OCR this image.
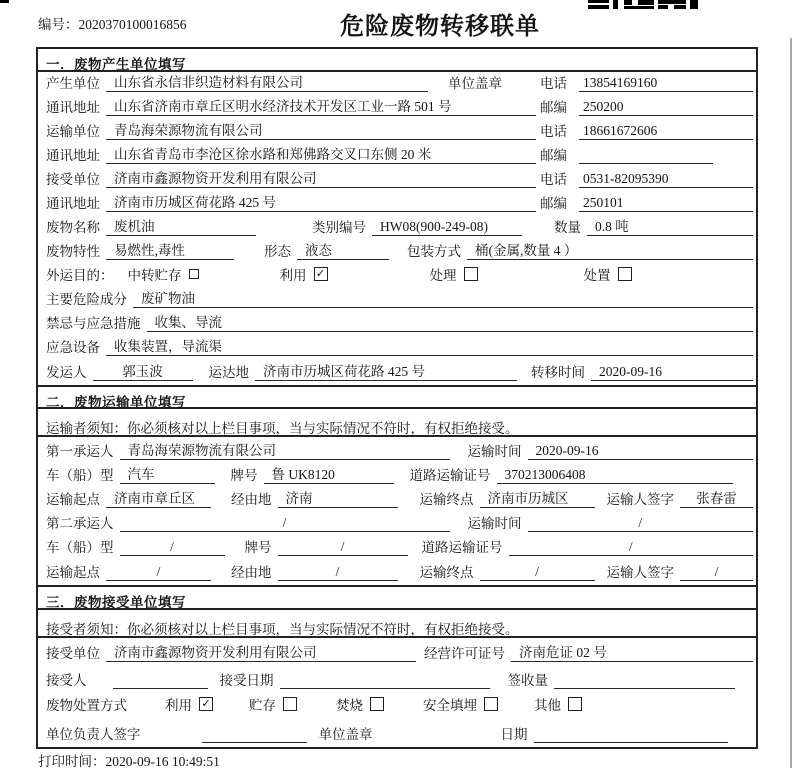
编号：2020370100016856	危险废物转移联单
一．废物产生单位填写
产生单位	山东省永信非织造材料有限公司	单位盖章	电话 13854169160
通讯地址	山东省济南市章丘区明水经济技术开发区工业一路 501 号	邮编 250200
运输单位	青岛海荣源物流有限公司	电话 18661672606
通讯地址	山东省青岛市李沧区徐水路和郑佛路交叉口东侧 20 米	邮编
接受单位	济南市鑫源物资开发利用有限公司	电话 0531-82095390
通讯地址	济南市历城区荷花路 425 号	邮编 250101
废物名称	废机油	类别编号	HW08(900-249-08)	数量	0.8 吨
废物特性	易燃性,毒性	形态	液态	包装方式	桶(金属,数量 4 ）
外运目的： 中转贮存	利用 ✓	处理	处置
主要危险成分	废矿物油
禁忌与应急措施	收集、导流
应急设备	收集装置，导流渠
发运人	郭玉波	运达地	济南市历城区荷花路 425 号	转移时间	2020-09-16
二．废物运输单位填写
运输者须知：你必须核对以上栏目事项，当与实际情况不符时，有权拒绝接受。
第一承运人	青岛海荣源物流有限公司	运输时间	2020-09-16
车（船）型	汽车	牌号	鲁 UK8120	道路运输证号	370213006408
运输起点	济南市章丘区	经由地	济南	运输终点	济南市历城区	运输人签字	张春雷
第二承运人	/	运输时间	/
车（船）型	/	牌号	/	道路运输证号	/
运输起点	/	经由地	/	运输终点	/	运输人签字	/
三．废物接受单位填写
接受者须知：你必须核对以上栏目事项，当与实际情况不符时，有权拒绝接受。
接受单位	济南市鑫源物资开发利用有限公司	经营许可证号	济南危证 02 号
接受人	接受日期	签收量
废物处置方式	利用 ✓	贮存	焚烧	安全填埋	其他
单位负责人签字	单位盖章	日期
打印时间：2020-09-16 10:49:51
